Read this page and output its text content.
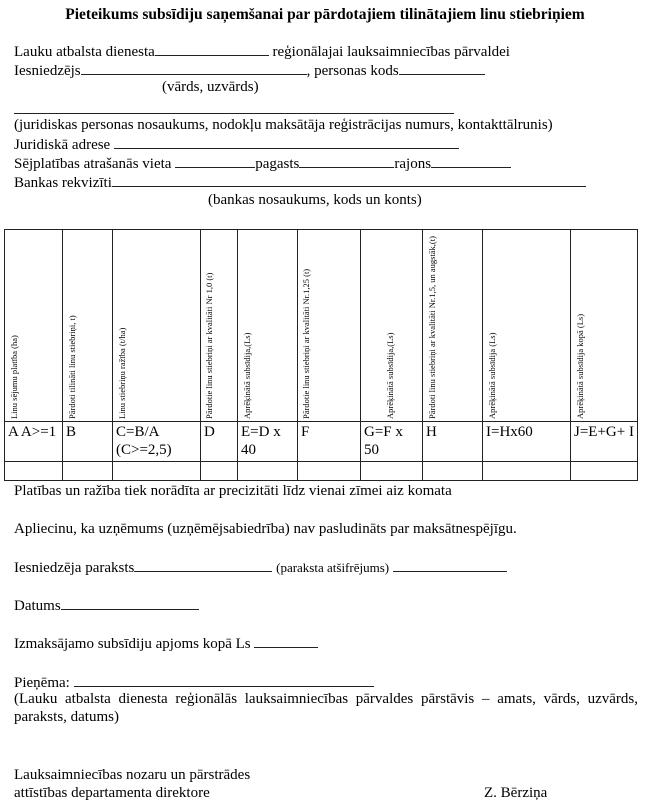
Pieteikums subsīdiju saņemšanai par pārdotajiem tilinātajiem linu stiebriņiem
Lauku atbalsta dienesta	reģionālajai lauksaimniecības pārvaldei
Iesniedzējs	, personas kods
(vārds, uzvārds)
(juridiskas personas nosaukums, nodokļu maksātāja reģistrācijas numurs, kontakttālrunis)
Juridiskā adrese
Sējplatības atrašanās vieta	pagasts	rajons
Bankas rekvizīti
(bankas nosaukums, kods un konts)
Linu sējumu platība (ha)	Pārdoti tilināti linu stiebriņi, t)	Linu stiebriņu ražība (t/ha)	Pārdotie linu stiebriņi ar kvalitāti Nr 1,0 (t)	Aprēķinātā subsīdija,(Ls)	Pārdotie linu stiebriņi ar kvalitāti Nr.1,25 (t)	Aprēķinātā subsīdija,(Ls)	Pārdoti linu stiebriņi ar kvalitāti Nr.1,5, un augstāk,(t)	Aprēķinātā subsīdija (Ls)	Aprēķinātā subsīdija kopā (Ls)

A A>=1	B	C=B/A (C>=2,5)	D	E=D x 40	F	G=F x 50	H	I=Hx60	J=E+G+ I

Platības un ražība tiek norādīta ar precizitāti līdz vienai zīmei aiz komata
Apliecinu, ka uzņēmums (uzņēmējsabiedrība) nav pasludināts par maksātnespējīgu.
Iesniedzēja paraksts	(paraksta atšifrējums)
Datums
Izmaksājamo subsīdiju apjoms kopā Ls
Pieņēma:
(Lauku atbalsta dienesta reģionālās lauksaimniecības pārvaldes pārstāvis – amats, vārds, uzvārds, paraksts, datums)
Lauksaimniecības nozaru un pārstrādes
attīstības departamenta direktore	Z. Bērziņa
